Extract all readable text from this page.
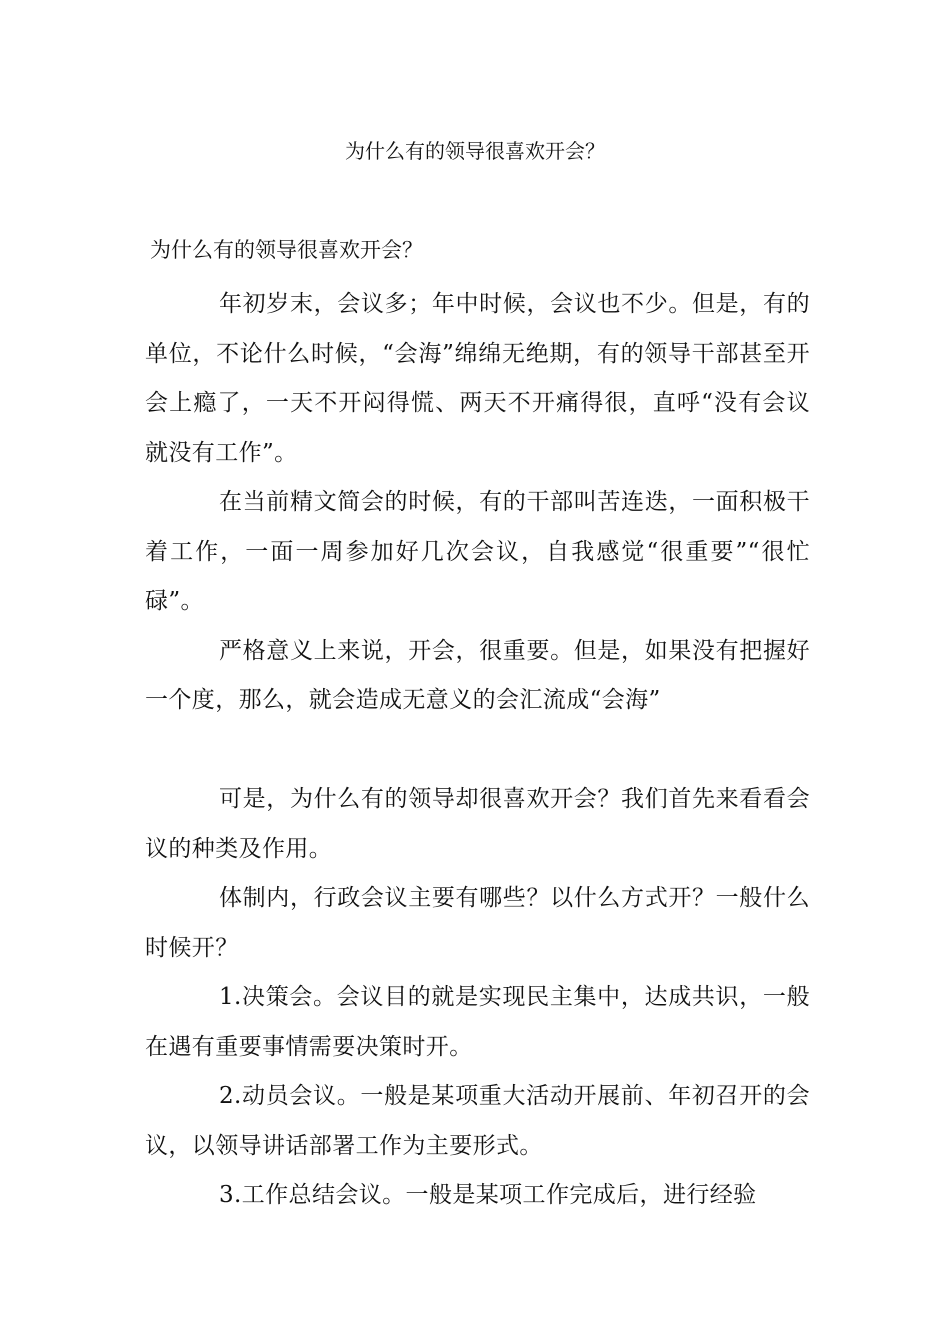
为什么有的领导很喜欢开会？

为什么有的领导很喜欢开会？

年初岁末，会议多；年中时候，会议也不少。但是，有的单位，不论什么时候，“会海”绵绵无绝期，有的领导干部甚至开会上瘾了，一天不开闷得慌、两天不开痛得很，直呼“没有会议就没有工作”。

在当前精文简会的时候，有的干部叫苦连迭，一面积极干着工作，一面一周参加好几次会议，自我感觉“很重要”“很忙碌”。

严格意义上来说，开会，很重要。但是，如果没有把握好一个度，那么，就会造成无意义的会汇流成“会海”

可是，为什么有的领导却很喜欢开会？我们首先来看看会议的种类及作用。

体制内，行政会议主要有哪些？以什么方式开？一般什么时候开？

1.决策会。会议目的就是实现民主集中，达成共识，一般在遇有重要事情需要决策时开。

2.动员会议。一般是某项重大活动开展前、年初召开的会议，以领导讲话部署工作为主要形式。

3.工作总结会议。一般是某项工作完成后，进行经验
